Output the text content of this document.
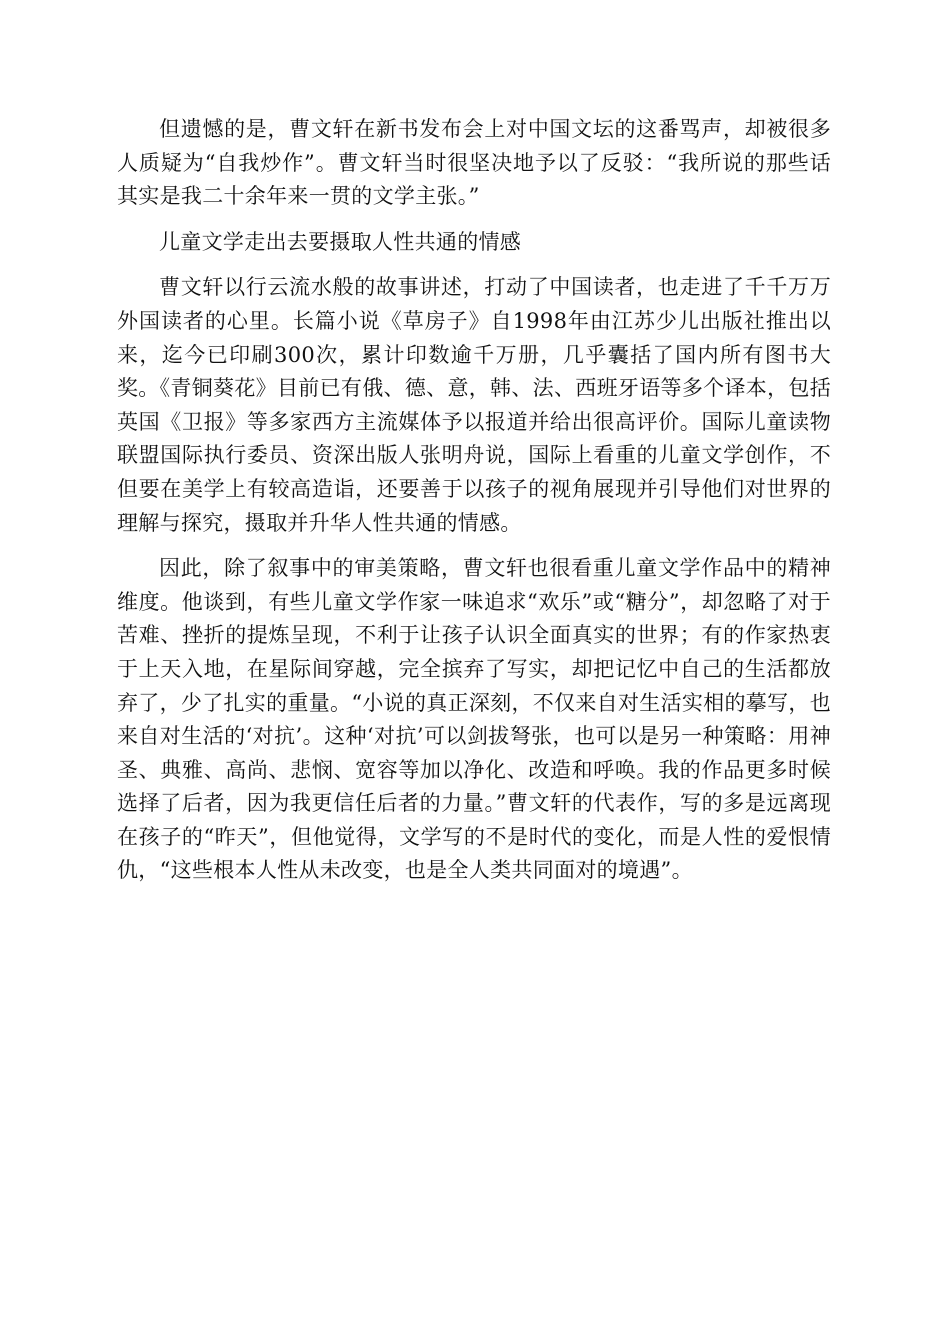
但遗憾的是，曹文轩在新书发布会上对中国文坛的这番骂声，却被很多人质疑为“自我炒作”。曹文轩当时很坚决地予以了反驳：“我所说的那些话其实是我二十余年来一贯的文学主张。”

儿童文学走出去要摄取人性共通的情感

曹文轩以行云流水般的故事讲述，打动了中国读者，也走进了千千万万外国读者的心里。长篇小说《草房子》自1998年由江苏少儿出版社推出以来，迄今已印刷300次，累计印数逾千万册，几乎囊括了国内所有图书大奖。《青铜葵花》目前已有俄、德、意，韩、法、西班牙语等多个译本，包括英国《卫报》等多家西方主流媒体予以报道并给出很高评价。国际儿童读物联盟国际执行委员、资深出版人张明舟说，国际上看重的儿童文学创作，不但要在美学上有较高造诣，还要善于以孩子的视角展现并引导他们对世界的理解与探究，摄取并升华人性共通的情感。

因此，除了叙事中的审美策略，曹文轩也很看重儿童文学作品中的精神维度。他谈到，有些儿童文学作家一味追求“欢乐”或“糖分”，却忽略了对于苦难、挫折的提炼呈现，不利于让孩子认识全面真实的世界；有的作家热衷于上天入地，在星际间穿越，完全摈弃了写实，却把记忆中自己的生活都放弃了，少了扎实的重量。“小说的真正深刻，不仅来自对生活实相的摹写，也来自对生活的‘对抗’。这种‘对抗’可以剑拔弩张，也可以是另一种策略：用神圣、典雅、高尚、悲悯、宽容等加以净化、改造和呼唤。我的作品更多时候选择了后者，因为我更信任后者的力量。”曹文轩的代表作，写的多是远离现在孩子的“昨天”，但他觉得，文学写的不是时代的变化，而是人性的爱恨情仇，“这些根本人性从未改变，也是全人类共同面对的境遇”。
